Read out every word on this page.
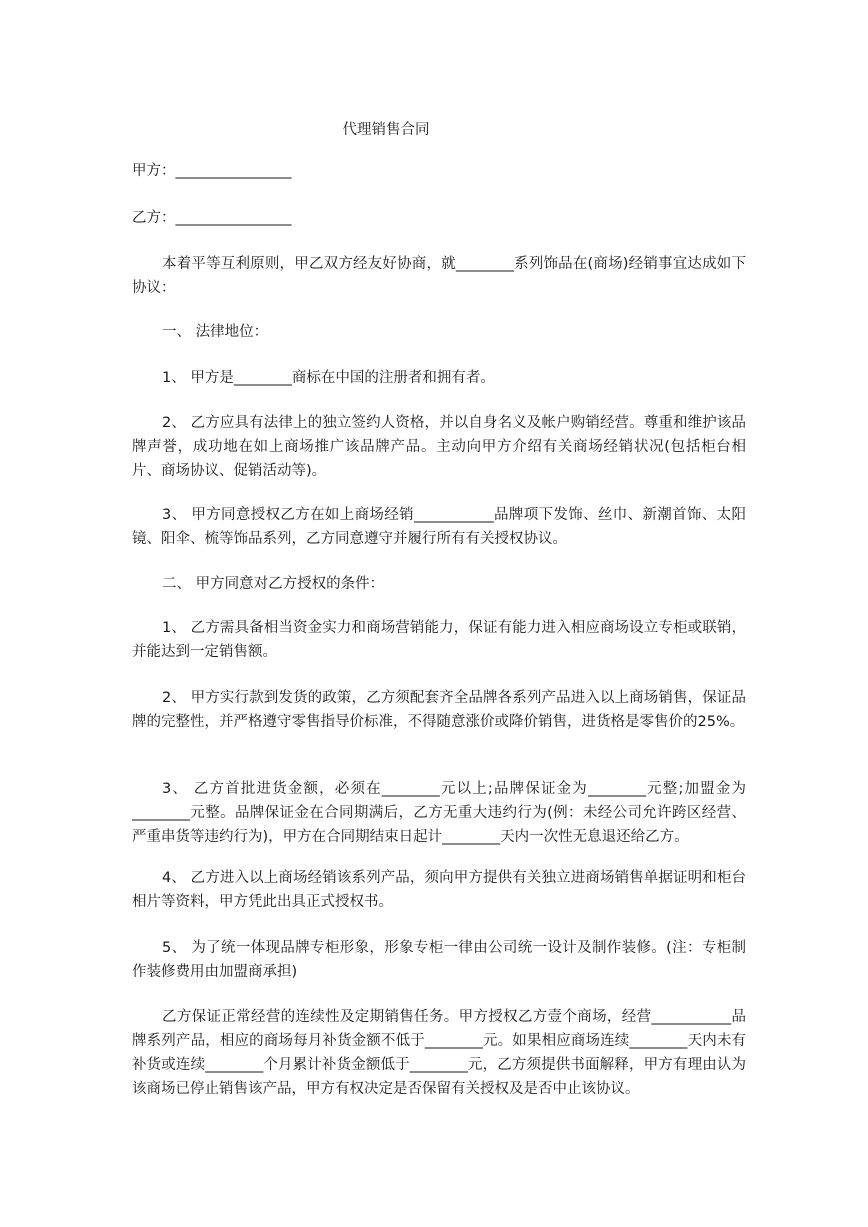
代理销售合同
甲方：________________
乙方：________________
本着平等互利原则，甲乙双方经友好协商，就________系列饰品在(商场)经销事宜达成如下协议：
一、 法律地位：
1、 甲方是________商标在中国的注册者和拥有者。
2、 乙方应具有法律上的独立签约人资格，并以自身名义及帐户购销经营。尊重和维护该品牌声誉，成功地在如上商场推广该品牌产品。主动向甲方介绍有关商场经销状况(包括柜台相片、商场协议、促销活动等)。
3、 甲方同意授权乙方在如上商场经销___________品牌项下发饰、丝巾、新潮首饰、太阳镜、阳伞、梳等饰品系列，乙方同意遵守并履行所有有关授权协议。
二、 甲方同意对乙方授权的条件：
1、 乙方需具备相当资金实力和商场营销能力，保证有能力进入相应商场设立专柜或联销，并能达到一定销售额。
2、 甲方实行款到发货的政策，乙方须配套齐全品牌各系列产品进入以上商场销售，保证品牌的完整性，并严格遵守零售指导价标准，不得随意涨价或降价销售，进货格是零售价的25%。
3、 乙方首批进货金额，必须在________元以上;品牌保证金为________元整;加盟金为________元整。品牌保证金在合同期满后，乙方无重大违约行为(例：未经公司允许跨区经营、严重串货等违约行为)，甲方在合同期结束日起计________天内一次性无息退还给乙方。
4、 乙方进入以上商场经销该系列产品，须向甲方提供有关独立进商场销售单据证明和柜台相片等资料，甲方凭此出具正式授权书。
5、 为了统一体现品牌专柜形象，形象专柜一律由公司统一设计及制作装修。(注：专柜制作装修费用由加盟商承担)
乙方保证正常经营的连续性及定期销售任务。甲方授权乙方壹个商场，经营___________品牌系列产品，相应的商场每月补货金额不低于________元。如果相应商场连续________天内未有补货或连续________个月累计补货金额低于________元，乙方须提供书面解释，甲方有理由认为该商场已停止销售该产品，甲方有权决定是否保留有关授权及是否中止该协议。
